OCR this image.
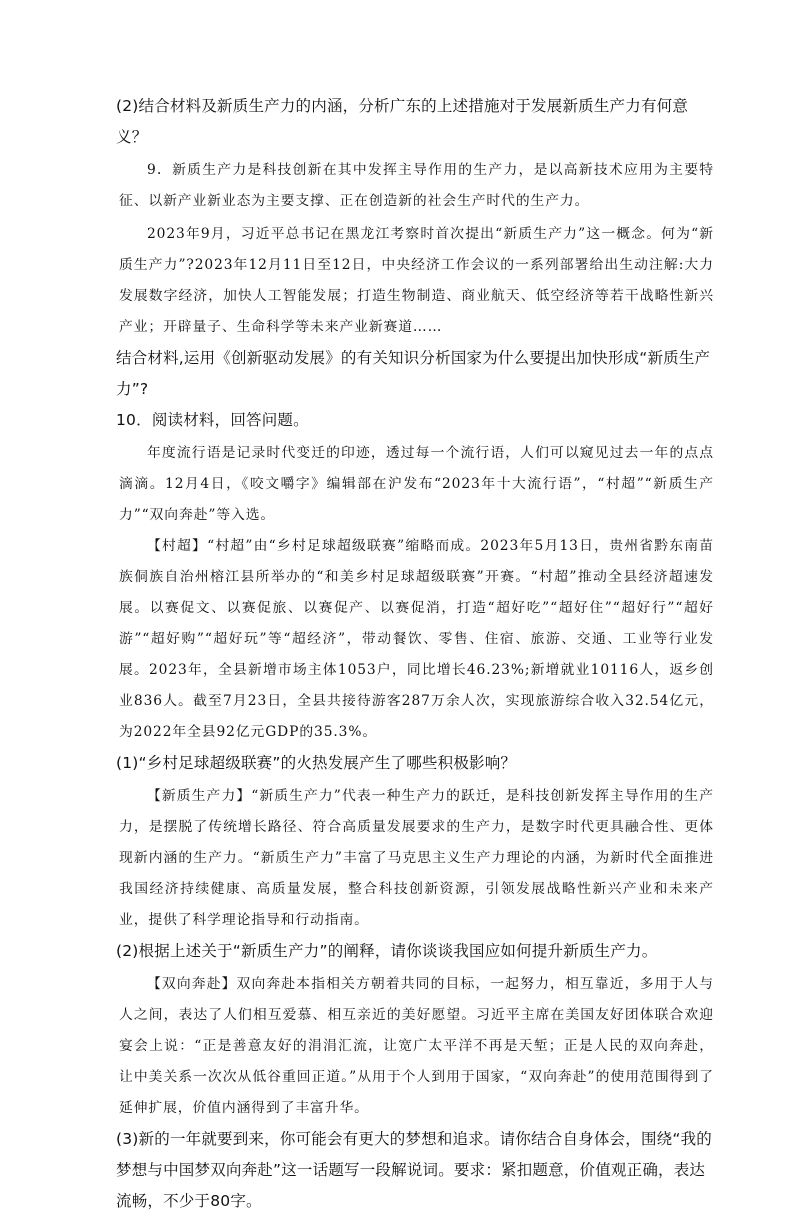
(2)结合材料及新质生产力的内涵，分析广东的上述措施对于发展新质生产力有何意义？

9．新质生产力是科技创新在其中发挥主导作用的生产力，是以高新技术应用为主要特征、以新产业新业态为主要支撑、正在创造新的社会生产时代的生产力。

2023年9月，习近平总书记在黑龙江考察时首次提出“新质生产力”这一概念。何为“新质生产力”?2023年12月11日至12日，中央经济工作会议的一系列部署给出生动注解:大力发展数字经济，加快人工智能发展；打造生物制造、商业航天、低空经济等若干战略性新兴产业；开辟量子、生命科学等未来产业新赛道……

结合材料,运用《创新驱动发展》的有关知识分析国家为什么要提出加快形成“新质生产力”?

10．阅读材料，回答问题。

年度流行语是记录时代变迁的印迹，透过每一个流行语，人们可以窥见过去一年的点点滴滴。12月4日，《咬文嚼字》编辑部在沪发布“2023年十大流行语”，“村超”“新质生产力”“双向奔赴”等入选。

【村超】“村超”由“乡村足球超级联赛”缩略而成。2023年5月13日，贵州省黔东南苗族侗族自治州榕江县所举办的“和美乡村足球超级联赛”开赛。“村超”推动全县经济超速发展。以赛促文、以赛促旅、以赛促产、以赛促消，打造“超好吃”“超好住”“超好行”“超好游”“超好购”“超好玩”等“超经济”，带动餐饮、零售、住宿、旅游、交通、工业等行业发展。2023年，全县新增市场主体1053户，同比增长46.23%;新增就业10116人，返乡创业836人。截至7月23日，全县共接待游客287万余人次，实现旅游综合收入32.54亿元，为2022年全县92亿元GDP的35.3%。

(1)“乡村足球超级联赛”的火热发展产生了哪些积极影响？

【新质生产力】“新质生产力”代表一种生产力的跃迁，是科技创新发挥主导作用的生产力，是摆脱了传统增长路径、符合高质量发展要求的生产力，是数字时代更具融合性、更体现新内涵的生产力。“新质生产力”丰富了马克思主义生产力理论的内涵，为新时代全面推进我国经济持续健康、高质量发展，整合科技创新资源，引领发展战略性新兴产业和未来产业，提供了科学理论指导和行动指南。

(2)根据上述关于“新质生产力”的阐释，请你谈谈我国应如何提升新质生产力。

【双向奔赴】双向奔赴本指相关方朝着共同的目标，一起努力，相互靠近，多用于人与人之间，表达了人们相互爱慕、相互亲近的美好愿望。习近平主席在美国友好团体联合欢迎宴会上说：“正是善意友好的涓涓汇流，让宽广太平洋不再是天堑；正是人民的双向奔赴，让中美关系一次次从低谷重回正道。”从用于个人到用于国家，“双向奔赴”的使用范围得到了延伸扩展，价值内涵得到了丰富升华。

(3)新的一年就要到来，你可能会有更大的梦想和追求。请你结合自身体会，围绕“我的梦想与中国梦双向奔赴”这一话题写一段解说词。要求：紧扣题意，价值观正确，表达流畅，不少于80字。
